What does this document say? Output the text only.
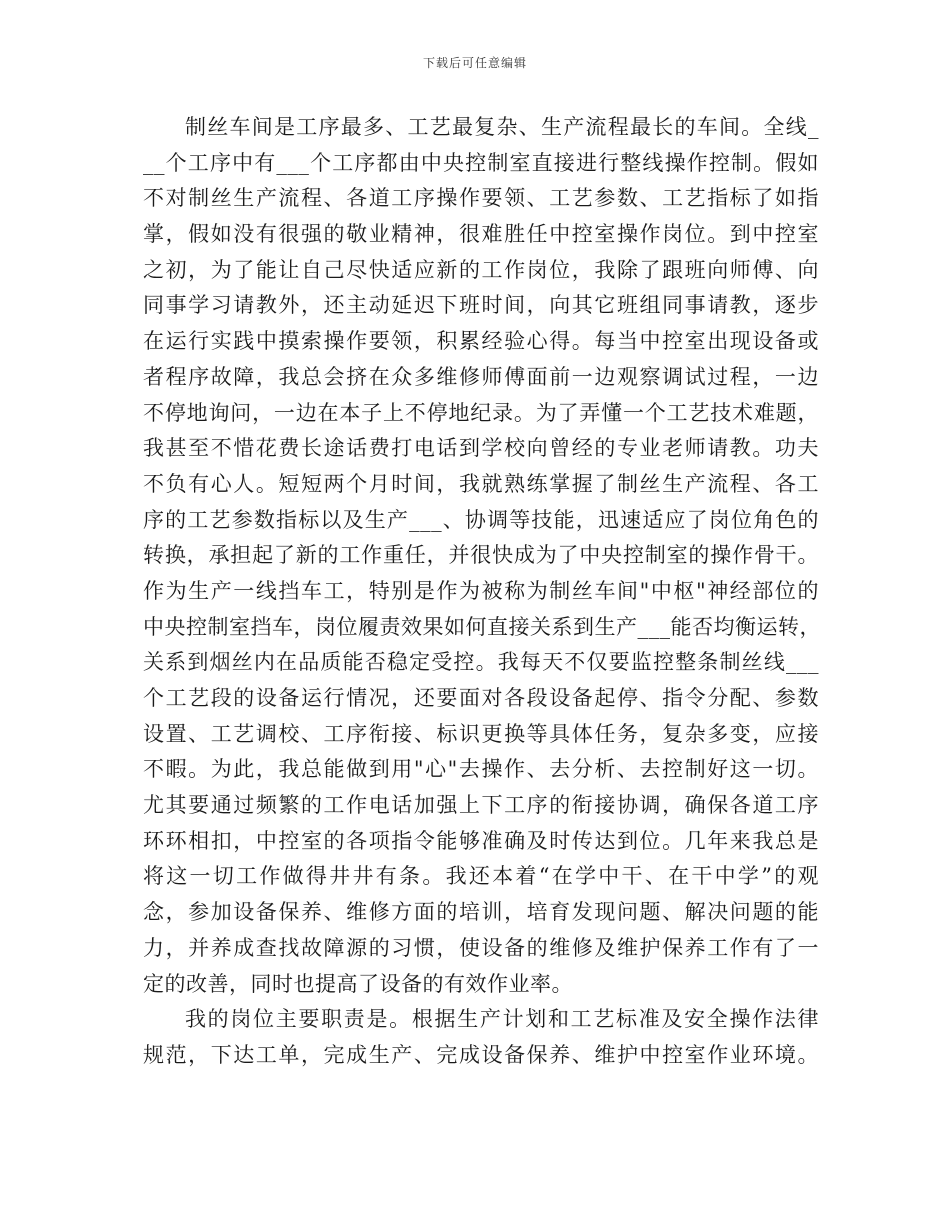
下载后可任意编辑
制丝车间是工序最多、工艺最复杂、生产流程最长的车间。全线_
__个工序中有___个工序都由中央控制室直接进行整线操作控制。假如
不对制丝生产流程、各道工序操作要领、工艺参数、工艺指标了如指
掌，假如没有很强的敬业精神，很难胜任中控室操作岗位。到中控室
之初，为了能让自己尽快适应新的工作岗位，我除了跟班向师傅、向
同事学习请教外，还主动延迟下班时间，向其它班组同事请教，逐步
在运行实践中摸索操作要领，积累经验心得。每当中控室出现设备或
者程序故障，我总会挤在众多维修师傅面前一边观察调试过程，一边
不停地询问，一边在本子上不停地纪录。为了弄懂一个工艺技术难题，
我甚至不惜花费长途话费打电话到学校向曾经的专业老师请教。功夫
不负有心人。短短两个月时间，我就熟练掌握了制丝生产流程、各工
序的工艺参数指标以及生产___、协调等技能，迅速适应了岗位角色的
转换，承担起了新的工作重任，并很快成为了中央控制室的操作骨干。
作为生产一线挡车工，特别是作为被称为制丝车间"中枢"神经部位的
中央控制室挡车，岗位履责效果如何直接关系到生产___能否均衡运转，
关系到烟丝内在品质能否稳定受控。我每天不仅要监控整条制丝线___
个工艺段的设备运行情况，还要面对各段设备起停、指令分配、参数
设置、工艺调校、工序衔接、标识更换等具体任务，复杂多变，应接
不暇。为此，我总能做到用"心"去操作、去分析、去控制好这一切。
尤其要通过频繁的工作电话加强上下工序的衔接协调，确保各道工序
环环相扣，中控室的各项指令能够准确及时传达到位。几年来我总是
将这一切工作做得井井有条。我还本着“在学中干、在干中学”的观
念，参加设备保养、维修方面的培训，培育发现问题、解决问题的能
力，并养成查找故障源的习惯，使设备的维修及维护保养工作有了一
定的改善，同时也提高了设备的有效作业率。
我的岗位主要职责是。根据生产计划和工艺标准及安全操作法律
规范，下达工单，完成生产、完成设备保养、维护中控室作业环境。
